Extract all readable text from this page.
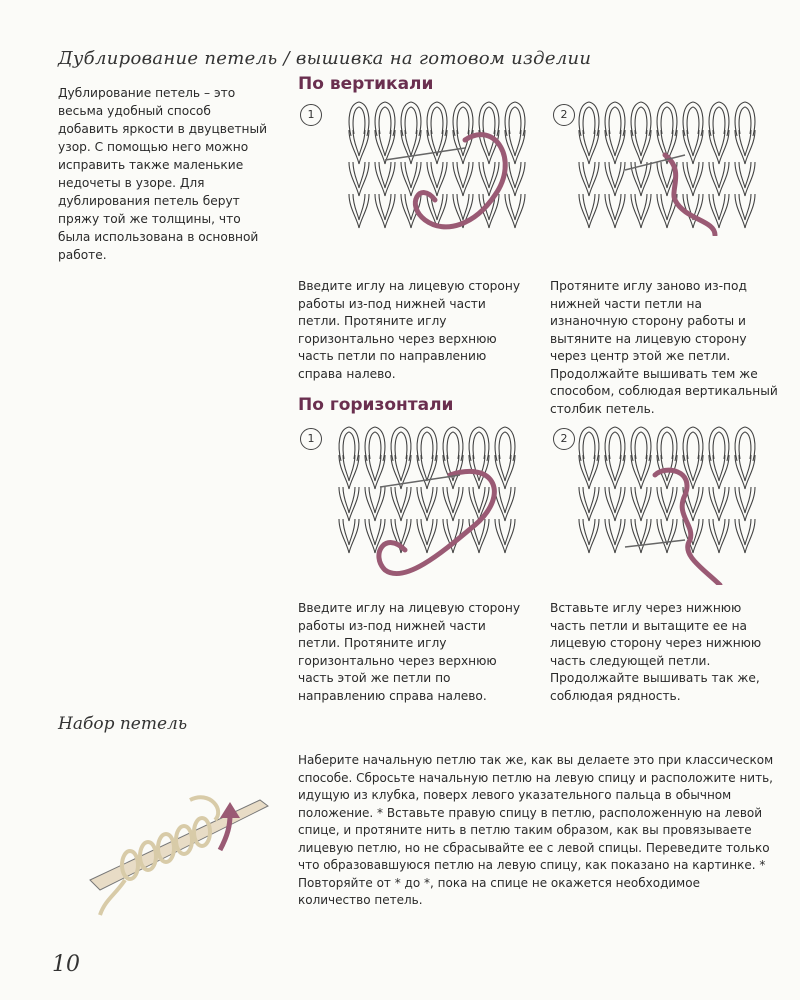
Дублирование петель / вышивка на готовом изделии
Дублирование петель – это весьма удобный способ добавить яркости в двуцветный узор. С помощью него можно исправить также маленькие недочеты в узоре. Для дублирования петель берут пряжу той же толщины, что была использована в основной работе.
По вертикали
1
Введите иглу на лицевую сторону работы из-под нижней части петли. Протяните иглу горизонтально через верхнюю часть петли по направлению справа налево.
2
Протяните иглу заново из-под нижней части петли на изнаночную сторону работы и вытяните на лицевую сторону через центр этой же петли. Продолжайте вышивать тем же способом, соблюдая вертикальный столбик петель.
По горизонтали
1
Введите иглу на лицевую сторону работы из-под нижней части петли. Протяните иглу горизонтально через верхнюю часть этой же петли по направлению справа налево.
2
Вставьте иглу через нижнюю часть петли и вытащите ее на лицевую сторону через нижнюю часть следующей петли. Продолжайте вышивать так же, соблюдая рядность.
Набор петель
Наберите начальную петлю так же, как вы делаете это при классическом способе. Сбросьте начальную петлю на левую спицу и расположите нить, идущую из клубка, поверх левого указательного пальца в обычном положение. * Вставьте правую спицу в петлю, расположенную на левой спице, и протяните нить в петлю таким образом, как вы провязываете лицевую петлю, но не сбрасывайте ее с левой спицы. Переведите только что образовавшуюся петлю на левую спицу, как показано на картинке. * Повторяйте от * до *, пока на спице не окажется необходимое количество петель.
10
